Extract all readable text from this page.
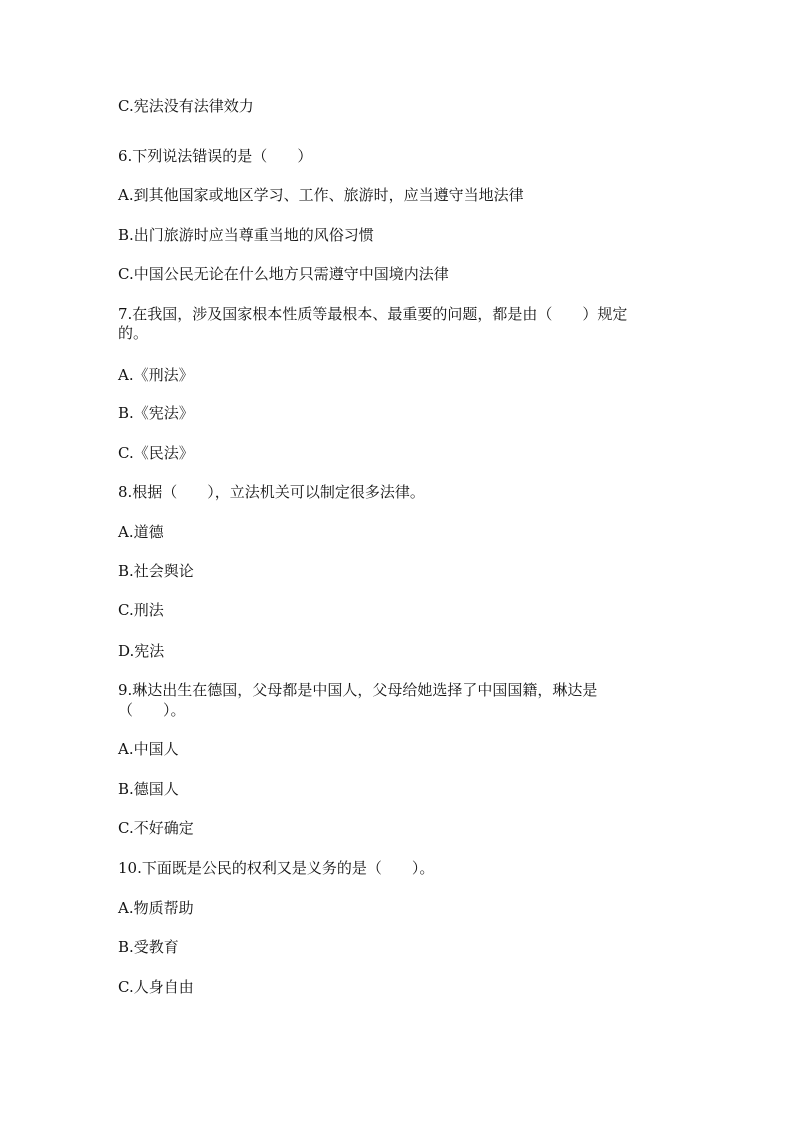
C.宪法没有法律效力
6.下列说法错误的是（　　）
A.到其他国家或地区学习、工作、旅游时，应当遵守当地法律
B.出门旅游时应当尊重当地的风俗习惯
C.中国公民无论在什么地方只需遵守中国境内法律
7.在我国，涉及国家根本性质等最根本、最重要的问题，都是由（　　）规定
的。
A.《刑法》
B.《宪法》
C.《民法》
8.根据（　　），立法机关可以制定很多法律。
A.道德
B.社会舆论
C.刑法
D.宪法
9.琳达出生在德国，父母都是中国人，父母给她选择了中国国籍，琳达是
（　　）。
A.中国人
B.德国人
C.不好确定
10.下面既是公民的权利又是义务的是（　　）。
A.物质帮助
B.受教育
C.人身自由
